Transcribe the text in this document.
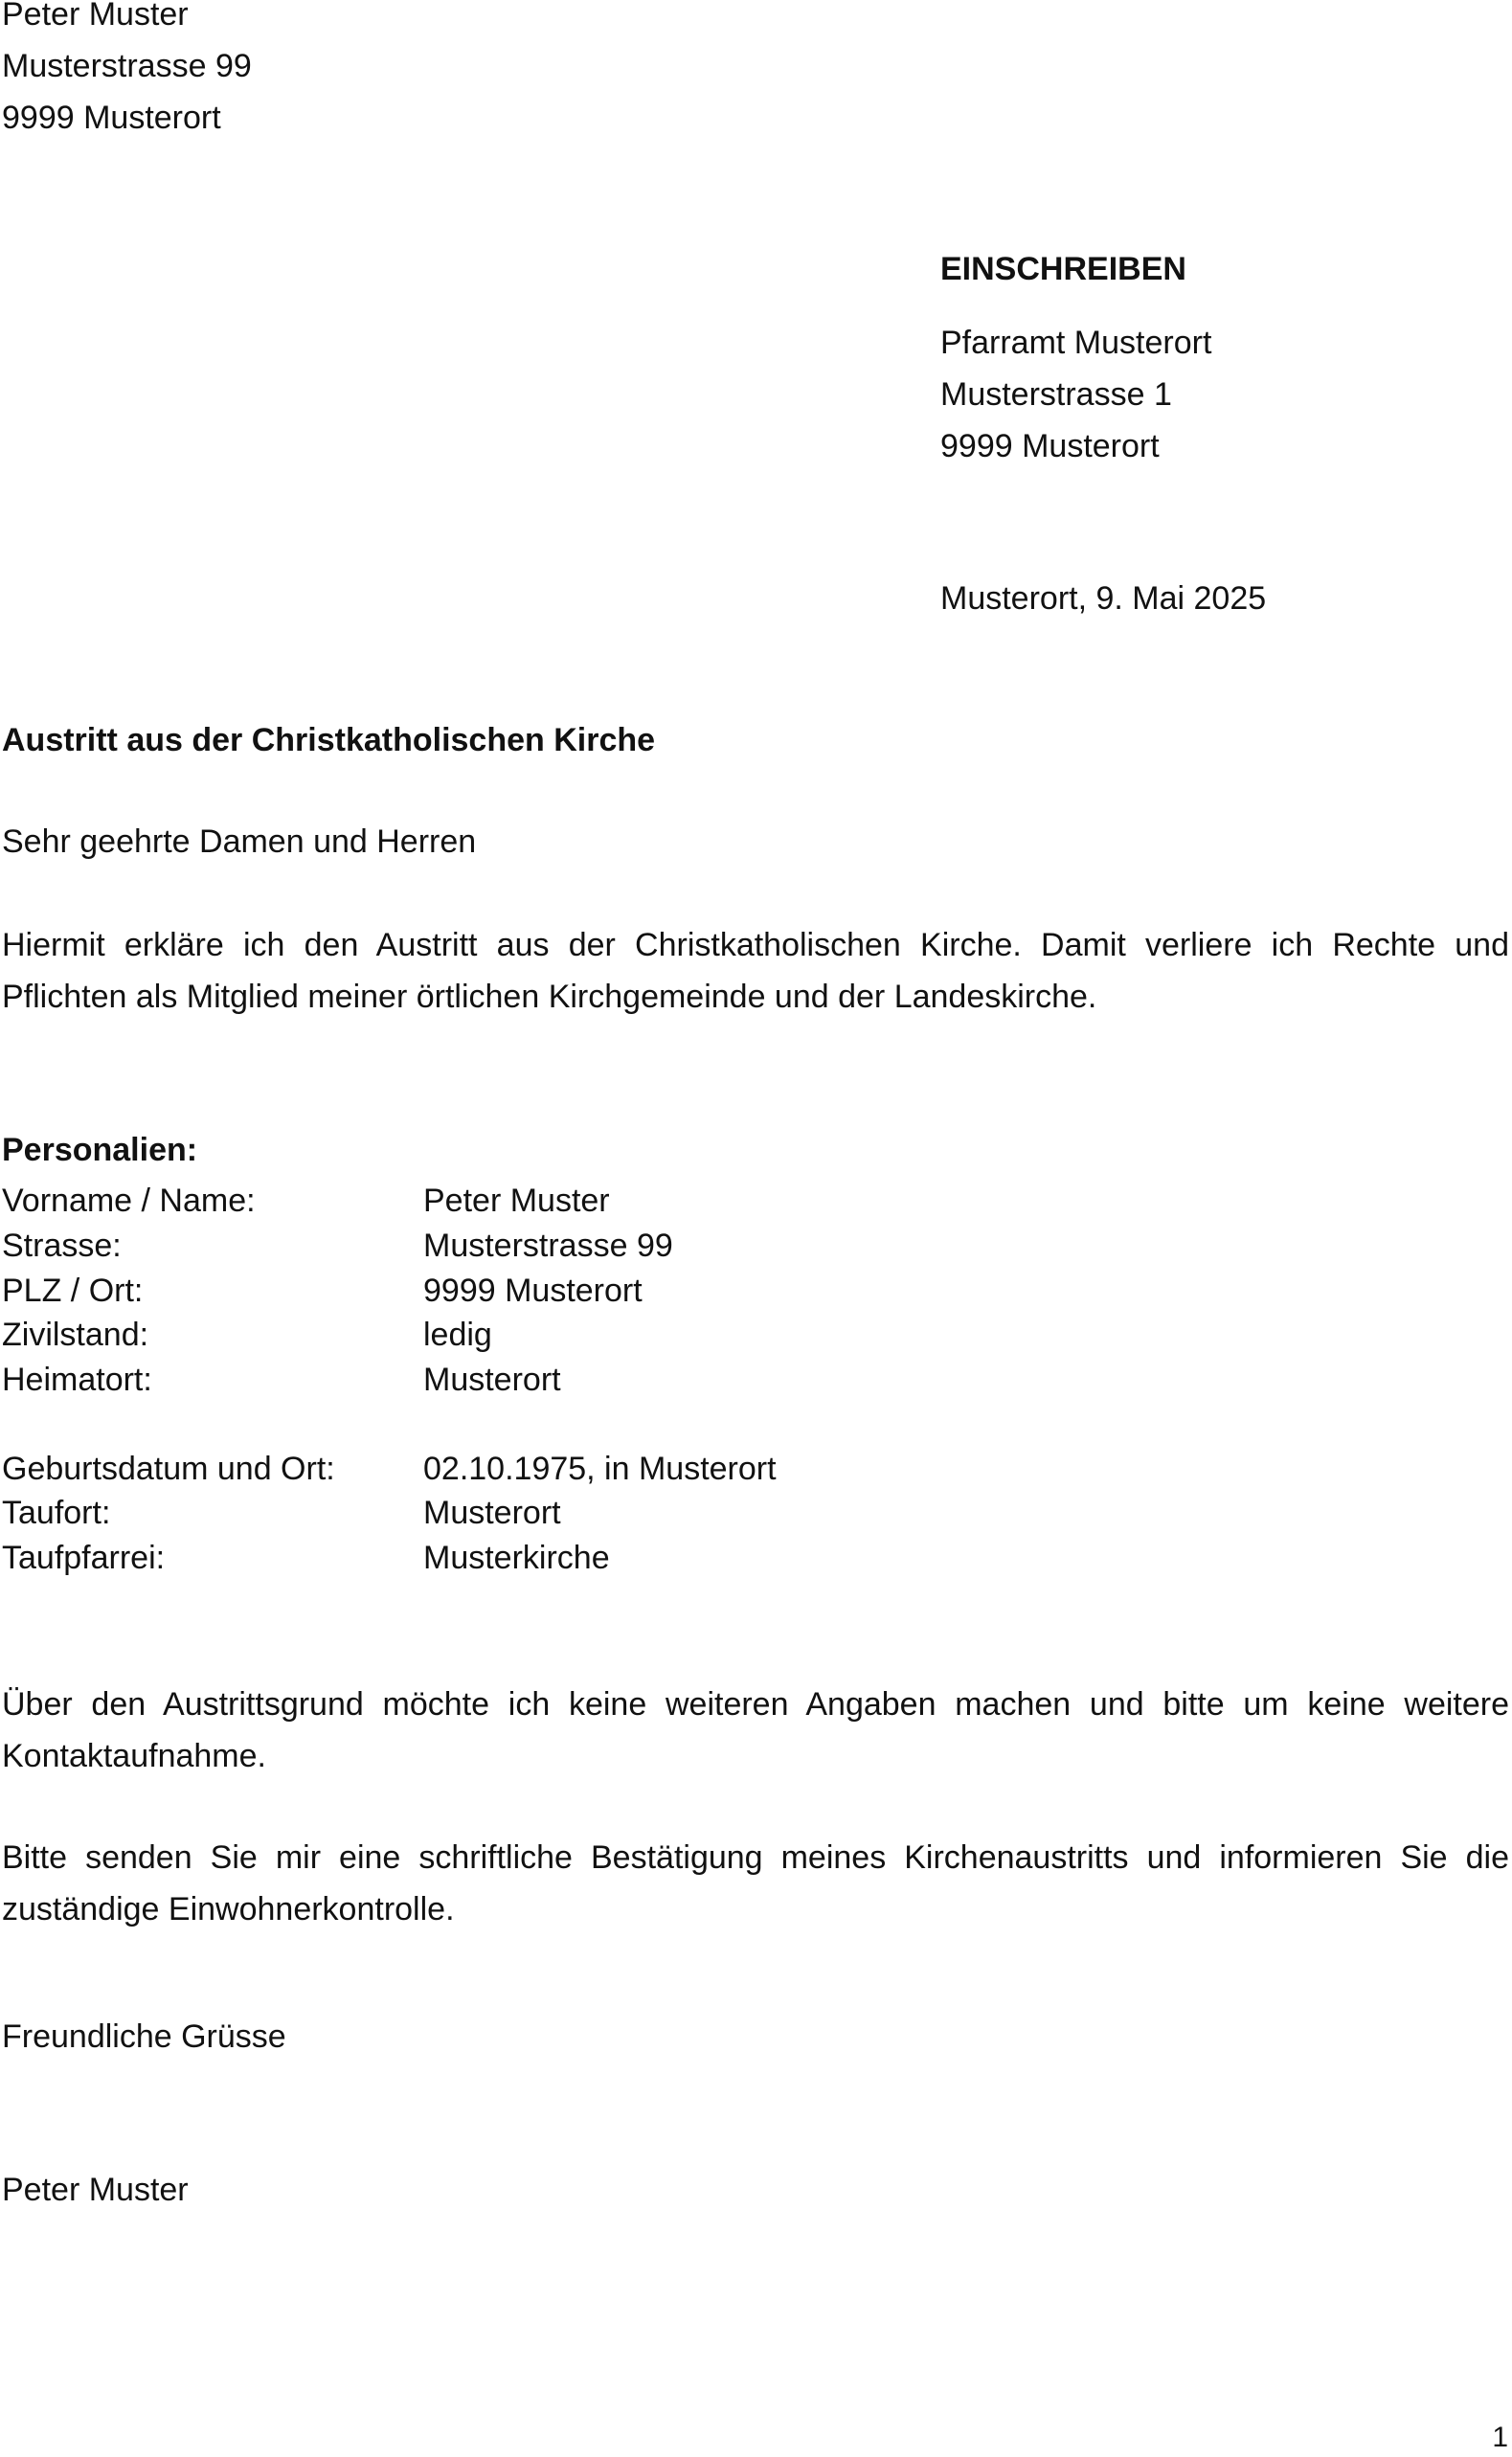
Peter Muster
Musterstrasse 99
9999 Musterort
EINSCHREIBEN
Pfarramt Musterort
Musterstrasse 1
9999 Musterort
Musterort, 9. Mai 2025
Austritt aus der Christkatholischen Kirche
Sehr geehrte Damen und Herren

Hiermit erkläre ich den Austritt aus der Christkatholischen Kirche. Damit verliere ich Rechte und Pflichten als Mitglied meiner örtlichen Kirchgemeinde und der Landeskirche.

Personalien:
Vorname / Name:	Peter Muster
Strasse:	Musterstrasse 99
PLZ / Ort:	9999 Musterort
Zivilstand:	ledig
Heimatort:	Musterort
Geburtsdatum und Ort:	02.10.1975, in Musterort
Taufort:	Musterort
Taufpfarrei:	Musterkirche

Über den Austrittsgrund möchte ich keine weiteren Angaben machen und bitte um keine weitere Kontaktaufnahme.

Bitte senden Sie mir eine schriftliche Bestätigung meines Kirchenaustritts und informieren Sie die zuständige Einwohnerkontrolle.

Freundliche Grüsse
Peter Muster
1
